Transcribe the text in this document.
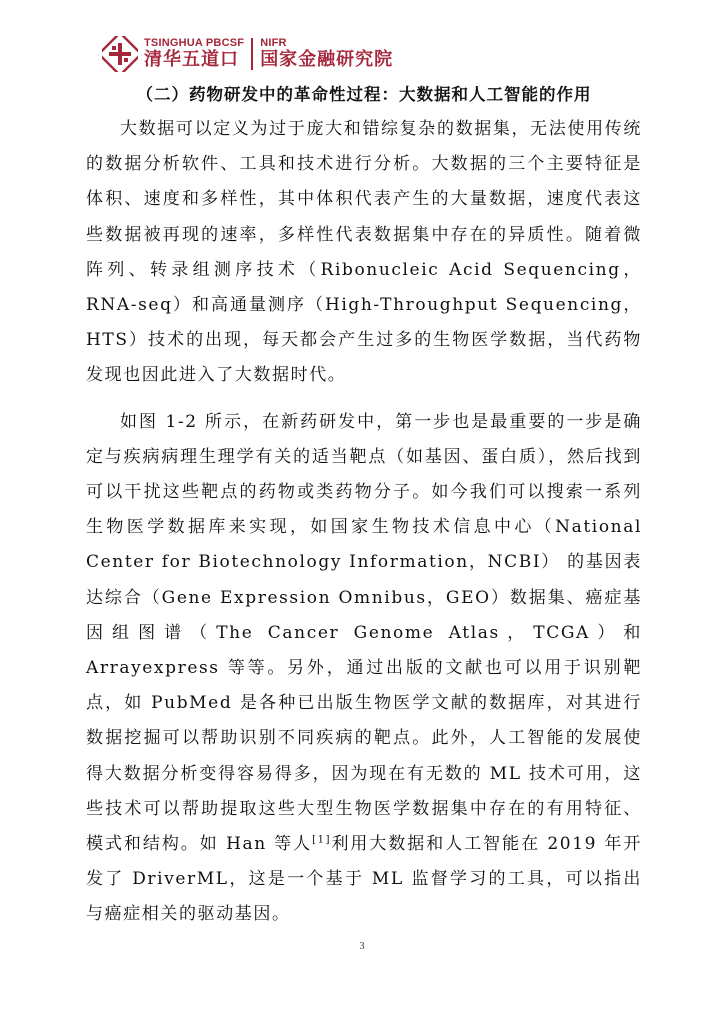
TSINGHUA PBCSF
清华五道口
NIFR
国家金融研究院
（二）药物研发中的革命性过程：大数据和人工智能的作用

大数据可以定义为过于庞大和错综复杂的数据集，无法使用传统的数据分析软件、工具和技术进行分析。大数据的三个主要特征是体积、速度和多样性，其中体积代表产生的大量数据，速度代表这些数据被再现的速率，多样性代表数据集中存在的异质性。随着微阵列、转录组测序技术（Ribonucleic Acid Sequencing，RNA-seq）和高通量测序（High-Throughput Sequencing，HTS）技术的出现，每天都会产生过多的生物医学数据，当代药物发现也因此进入了大数据时代。

如图 1-2 所示，在新药研发中，第一步也是最重要的一步是确定与疾病病理生理学有关的适当靶点（如基因、蛋白质），然后找到可以干扰这些靶点的药物或类药物分子。如今我们可以搜索一系列生物医学数据库来实现，如国家生物技术信息中心（National Center for Biotechnology Information，NCBI） 的基因表达综合（Gene Expression Omnibus，GEO）数据集、癌症基因组图谱（The Cancer Genome Atlas，TCGA）和 Arrayexpress 等等。另外，通过出版的文献也可以用于识别靶点，如 PubMed 是各种已出版生物医学文献的数据库，对其进行数据挖掘可以帮助识别不同疾病的靶点。此外，人工智能的发展使得大数据分析变得容易得多，因为现在有无数的 ML 技术可用，这些技术可以帮助提取这些大型生物医学数据集中存在的有用特征、模式和结构。如 Han 等人[1]利用大数据和人工智能在 2019 年开发了 DriverML，这是一个基于 ML 监督学习的工具，可以指出与癌症相关的驱动基因。

3
